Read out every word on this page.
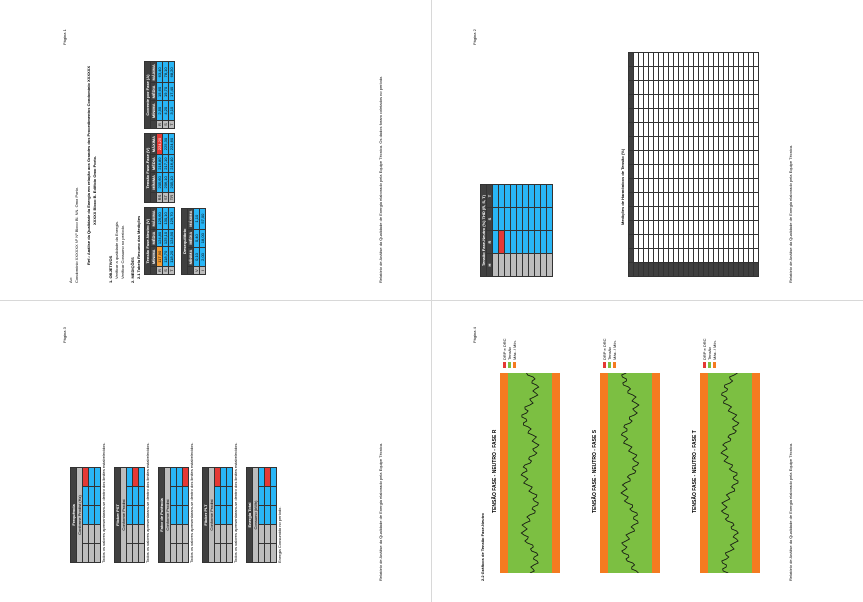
Página 1
Ao: Condomínio XXXXXX Nº Nº Bloco Bl. NN. Omo Porto. Ref.: Análise da Qualidade da Energia em relação aos Grandes dos Procedimentos Condomínio XXXXXX XXXXX Bloco B. Edifício Omo Porto.
1. OBJETIVOS Verificar a qualidade da Energia. Verificar Consumo no período. 2. MEDIÇÕES 2.1 Tabela Resumo das Medições Tensão Fase-Neutro (V)			
	MÍNIMA	MÉDIA	MÁXIMA
R	117,90	124,80	129,60
S	118,70	125,10	130,10
T	118,20	124,90	129,70
Tensão Fase-Fase (V)			
	MÍNIMA	MÉDIA	MÁXIMA
RS	205,60	216,80	224,20
ST	206,10	217,10	225,30
TR	205,10	216,40	224,60
Corrente por Fase (A)			
	MÍNIMA	MÉDIA	MÁXIMA
R	2,50	15,60	63,40
S	4,20	19,70	78,10
T	3,10	17,40	68,20
Desequilíbrio			
	MÍNIMA	MÉDIA	MÁXIMA
V	0,10	0,40	1,10
I	2,00	18,00	57,00	Relatório de Análise da Qualidade de Energia elaborado pela Equipe Técnica. Os dados foram coletados no período.
Página 2
Tensão Fase-Neutro (%) THD (R, S, T)			
H	R	S	T

				Medições de Harmônicos de Tensão (%)

																Relatório de Análise da Qualidade de Energia elaborado pela Equipe Técnica.
Página 3
Frequência				
Conforme Prodist (Hz)				

					Todos os valores apresentaram-se dentro dos limites estabelecidos. Flicker PST				
Conforme Prodist				

					Todos os valores apresentaram-se dentro dos limites estabelecidos. Fator de Potência				
Conforme Prodist				

					Todos os valores apresentaram-se dentro dos limites estabelecidos. Flicker PLT				
Conforme Prodist				

					Todos os valores apresentaram-se dentro dos limites estabelecidos. Energia Total				
Consumo (kWh)				

					Energia Consumida no período.	Relatório de Análise da Qualidade de Energia elaborado pela Equipe Técnica.
Página 4
2.2 Gráficos de Tensão Fase-Neutro
TENSÃO FASE - NEUTRO - FASE R
DRP e DRC Tensão Máx. / Mín.
TENSÃO FASE - NEUTRO - FASE S
DRP e DRC Tensão Máx. / Mín.
TENSÃO FASE - NEUTRO - FASE T
DRP e DRC Tensão Máx. / Mín.
Relatório de Análise da Qualidade de Energia elaborado pela Equipe Técnica.
